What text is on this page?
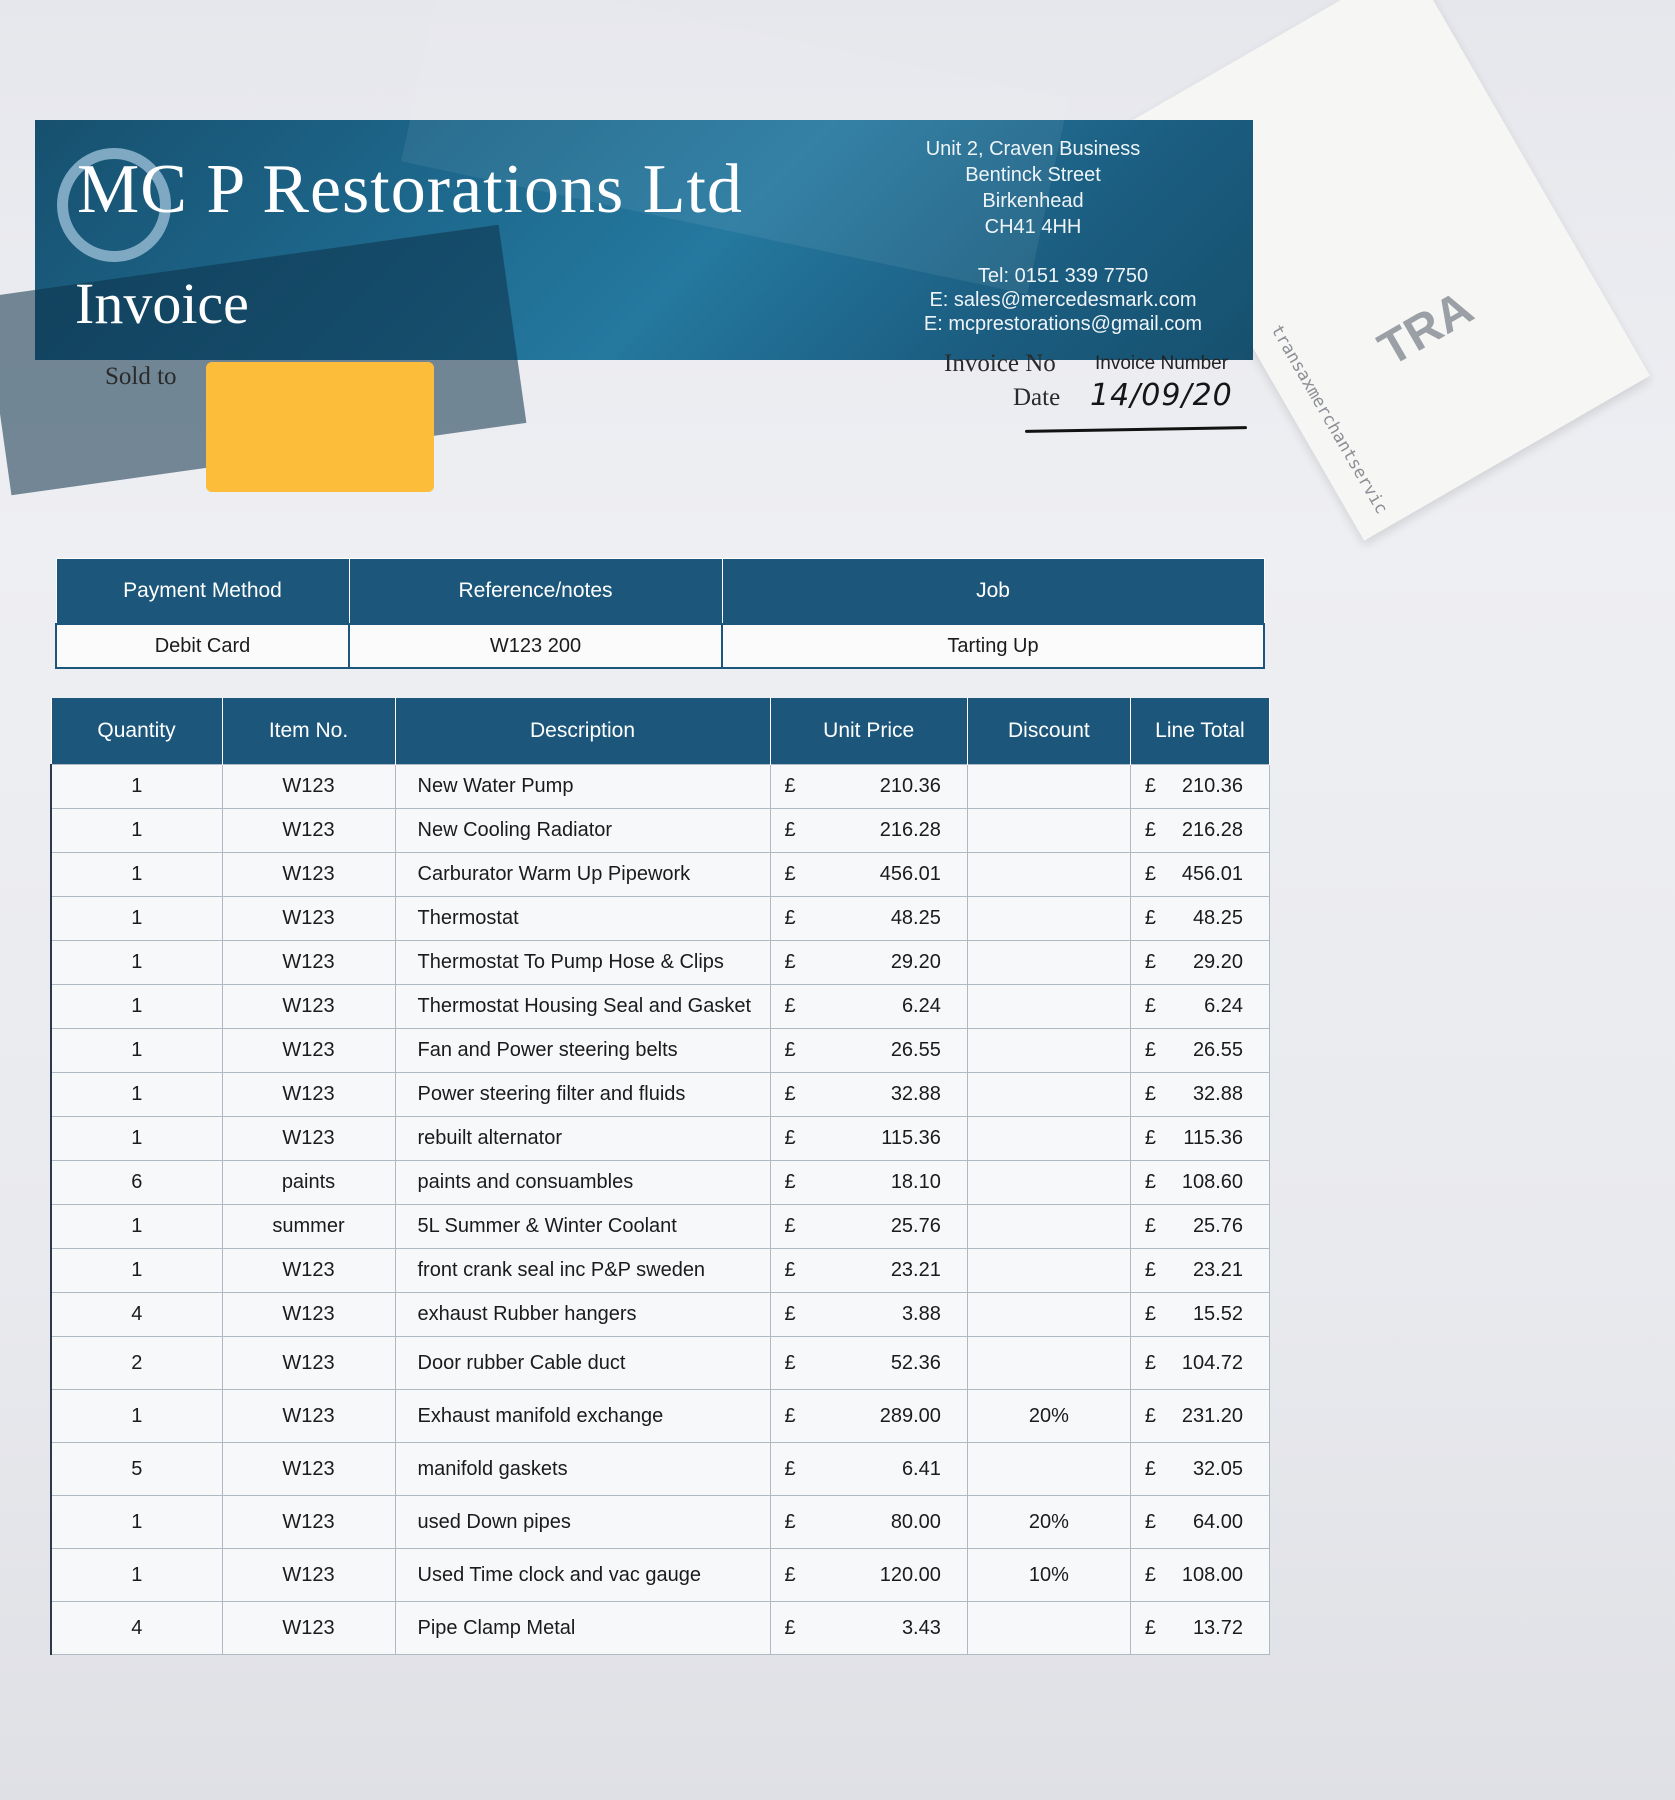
transaxmerchantservic
TRA
MC P Restorations Ltd
Invoice
Unit 2, Craven Business
Bentinck Street
Birkenhead
CH41 4HH
Tel: 0151 339 7750
E: sales@mercedesmark.com
E: mcprestorations@gmail.com
Sold to	Invoice No Invoice Number
Date 14/09/20
Payment Method	Reference/notes	Job
Debit Card	W123 200	Tarting Up
Quantity	Item No.	Description	Unit Price		Discount	Line Total	
1	W123	New Water Pump	£	210.36		£	210.36
1	W123	New Cooling Radiator	£	216.28		£	216.28
1	W123	Carburator Warm Up Pipework	£	456.01		£	456.01
1	W123	Thermostat	£	48.25		£	48.25
1	W123	Thermostat To Pump Hose & Clips	£	29.20		£	29.20
1	W123	Thermostat Housing Seal and Gasket	£	6.24		£	6.24
1	W123	Fan and Power steering belts	£	26.55		£	26.55
1	W123	Power steering filter and fluids	£	32.88		£	32.88
1	W123	rebuilt alternator	£	115.36		£	115.36
6	paints	paints and consuambles	£	18.10		£	108.60
1	summer	5L Summer & Winter Coolant	£	25.76		£	25.76
1	W123	front crank seal inc P&P sweden	£	23.21		£	23.21
4	W123	exhaust Rubber hangers	£	3.88		£	15.52
2	W123	Door rubber Cable duct	£	52.36		£	104.72
1	W123	Exhaust manifold exchange	£	289.00	20%	£	231.20
5	W123	manifold gaskets	£	6.41		£	32.05
1	W123	used Down pipes	£	80.00	20%	£	64.00
1	W123	Used Time clock and vac gauge	£	120.00	10%	£	108.00
4	W123	Pipe Clamp Metal	£	3.43		£	13.72
